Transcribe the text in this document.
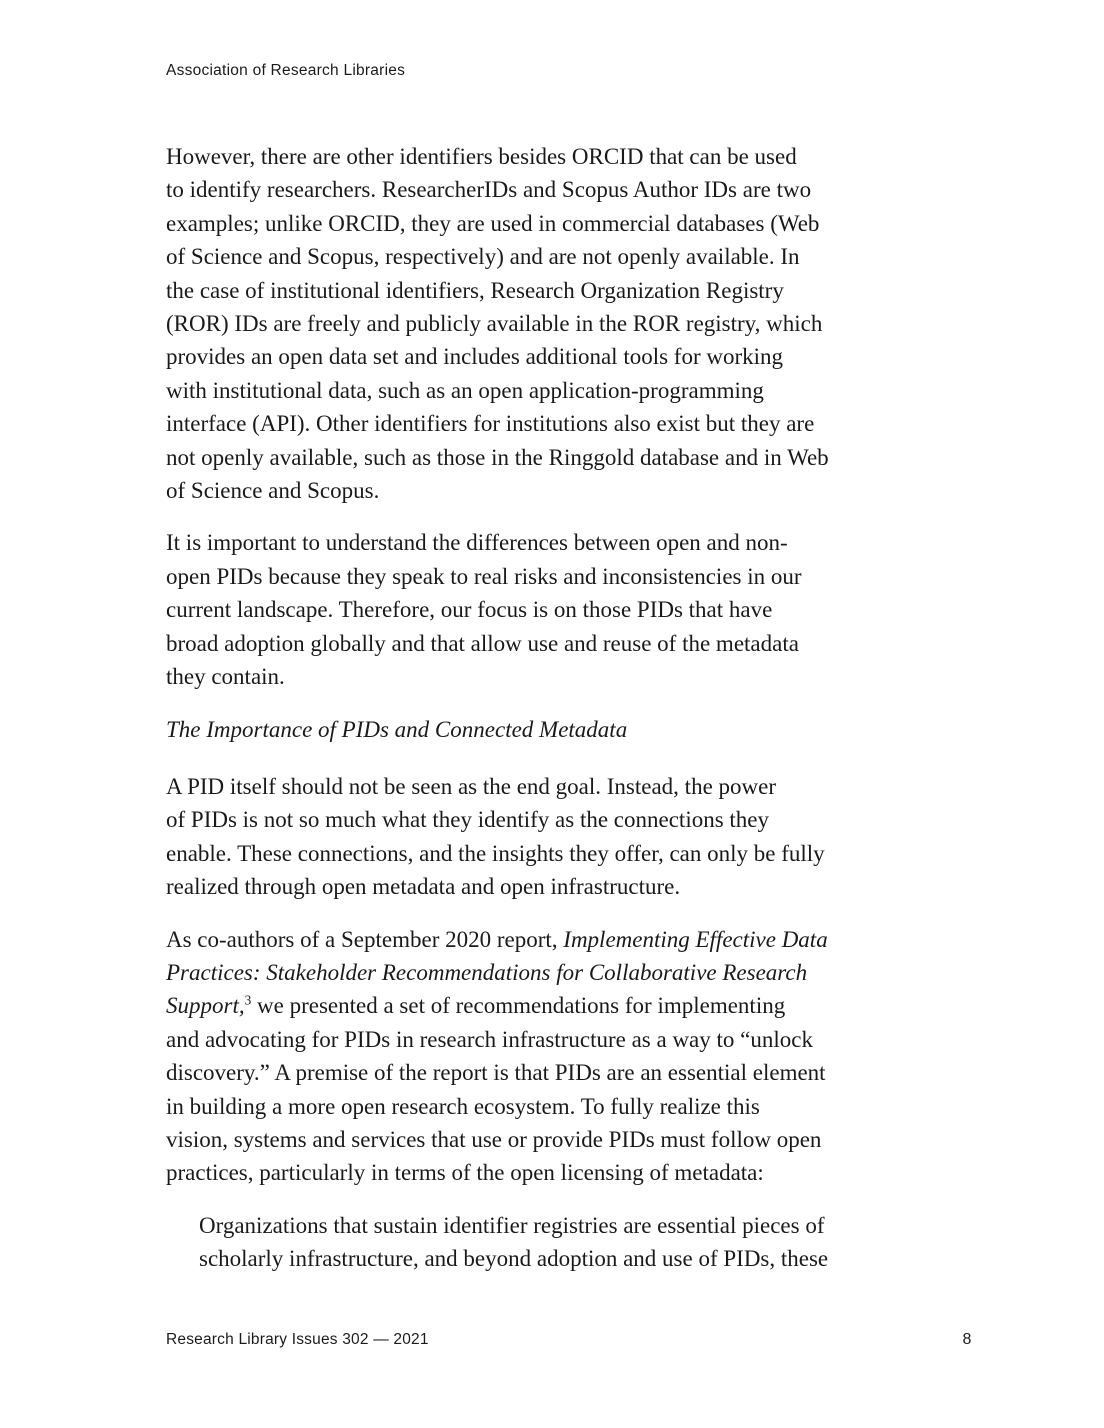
Association of Research Libraries
However, there are other identifiers besides ORCID that can be used
to identify researchers. ResearcherIDs and Scopus Author IDs are two
examples; unlike ORCID, they are used in commercial databases (Web
of Science and Scopus, respectively) and are not openly available. In
the case of institutional identifiers, Research Organization Registry
(ROR) IDs are freely and publicly available in the ROR registry, which
provides an open data set and includes additional tools for working
with institutional data, such as an open application-programming
interface (API). Other identifiers for institutions also exist but they are
not openly available, such as those in the Ringgold database and in Web
of Science and Scopus.
It is important to understand the differences between open and non-
open PIDs because they speak to real risks and inconsistencies in our
current landscape. Therefore, our focus is on those PIDs that have
broad adoption globally and that allow use and reuse of the metadata
they contain.
The Importance of PIDs and Connected Metadata
A PID itself should not be seen as the end goal. Instead, the power
of PIDs is not so much what they identify as the connections they
enable. These connections, and the insights they offer, can only be fully
realized through open metadata and open infrastructure.
As co-authors of a September 2020 report, Implementing Effective Data
Practices: Stakeholder Recommendations for Collaborative Research
Support,$^3$ we presented a set of recommendations for implementing
and advocating for PIDs in research infrastructure as a way to “unlock
discovery.” A premise of the report is that PIDs are an essential element
in building a more open research ecosystem. To fully realize this
vision, systems and services that use or provide PIDs must follow open
practices, particularly in terms of the open licensing of metadata:
Organizations that sustain identifier registries are essential pieces of
scholarly infrastructure, and beyond adoption and use of PIDs, these
Research Library Issues 302 — 2021	8
